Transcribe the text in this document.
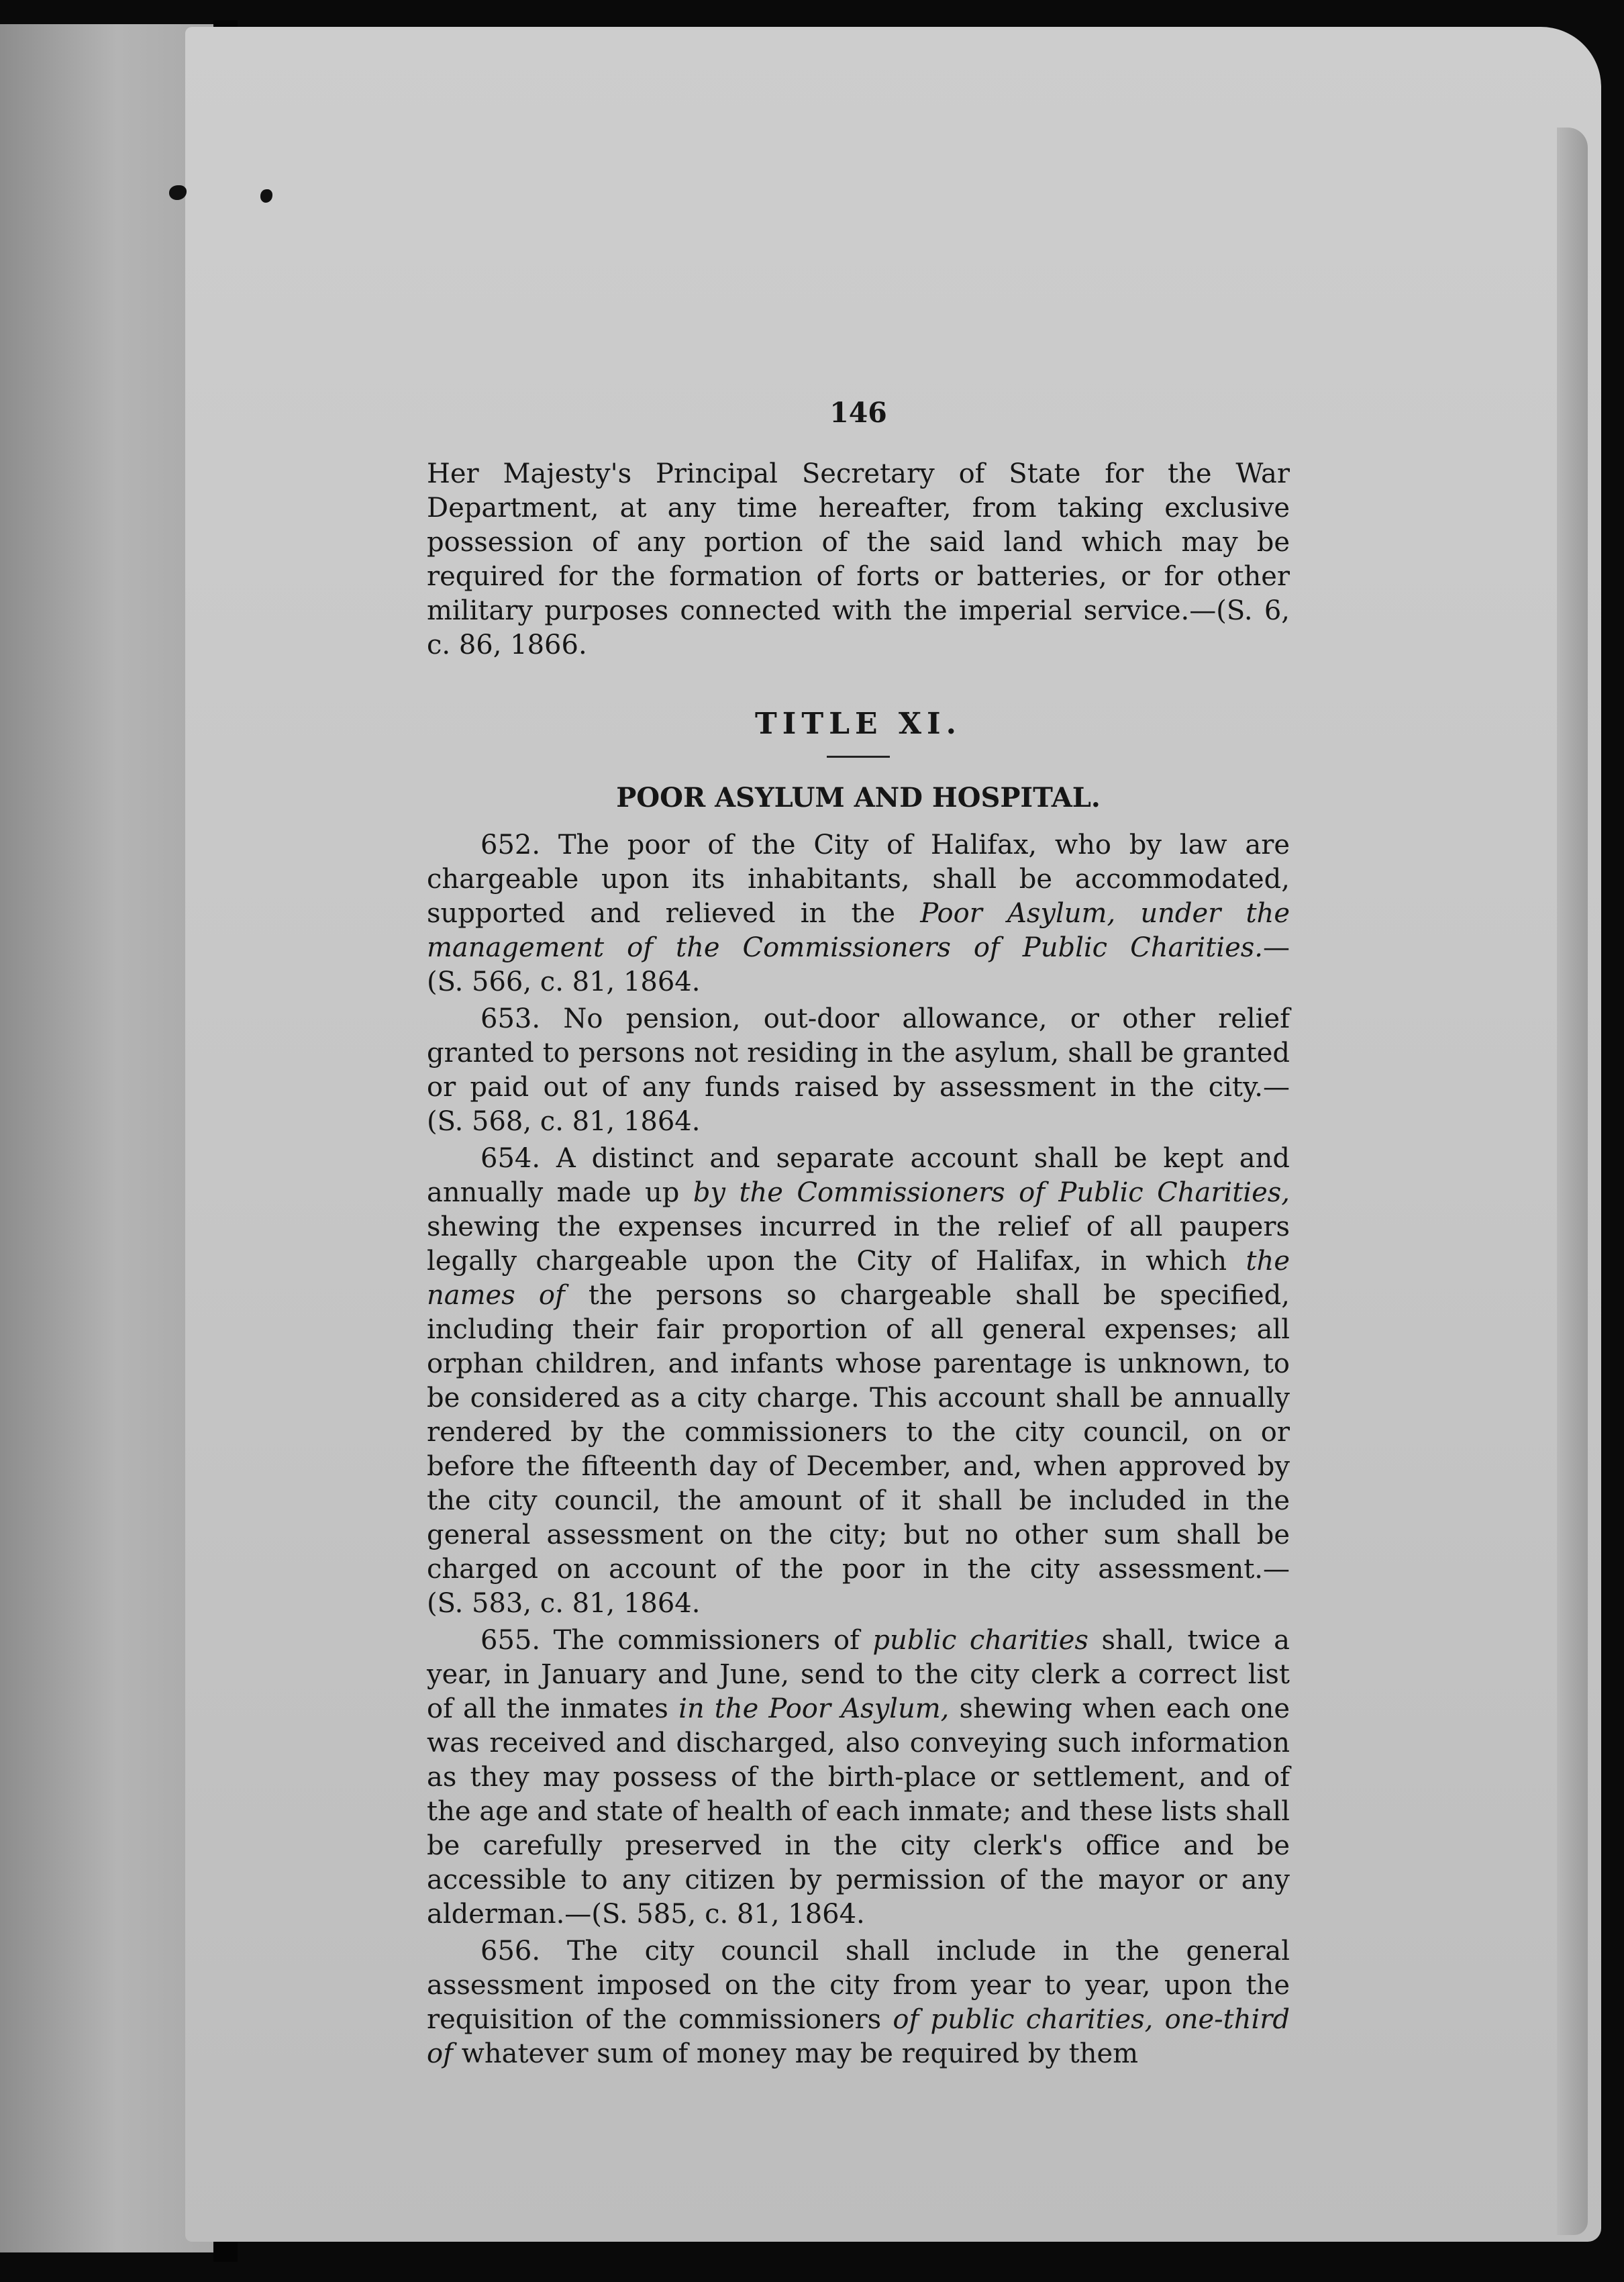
146

Her Majesty's Principal Secretary of State for the War Department, at any time hereafter, from taking exclusive possession of any portion of the said land which may be required for the formation of forts or batteries, or for other military purposes connected with the imperial service.—(S. 6, c. 86, 1866.

TITLE XI.
POOR ASYLUM AND HOSPITAL.

652. The poor of the City of Halifax, who by law are chargeable upon its inhabitants, shall be accommodated, supported and relieved in the Poor Asylum, under the management of the Commissioners of Public Charities.—(S. 566, c. 81, 1864.

653. No pension, out-door allowance, or other relief granted to persons not residing in the asylum, shall be granted or paid out of any funds raised by assessment in the city.—(S. 568, c. 81, 1864.

654. A distinct and separate account shall be kept and annually made up by the Commissioners of Public Charities, shewing the expenses incurred in the relief of all paupers legally chargeable upon the City of Halifax, in which the names of the persons so chargeable shall be specified, including their fair proportion of all general expenses; all orphan children, and infants whose parentage is unknown, to be considered as a city charge. This account shall be annually rendered by the commissioners to the city council, on or before the fifteenth day of December, and, when approved by the city council, the amount of it shall be included in the general assessment on the city; but no other sum shall be charged on account of the poor in the city assessment.—(S. 583, c. 81, 1864.

655. The commissioners of public charities shall, twice a year, in January and June, send to the city clerk a correct list of all the inmates in the Poor Asylum, shewing when each one was received and discharged, also conveying such information as they may possess of the birth-place or settlement, and of the age and state of health of each inmate; and these lists shall be carefully preserved in the city clerk's office and be accessible to any citizen by permission of the mayor or any alderman.—(S. 585, c. 81, 1864.

656. The city council shall include in the general assessment imposed on the city from year to year, upon the requisition of the commissioners of public charities, one-third of whatever sum of money may be required by them
